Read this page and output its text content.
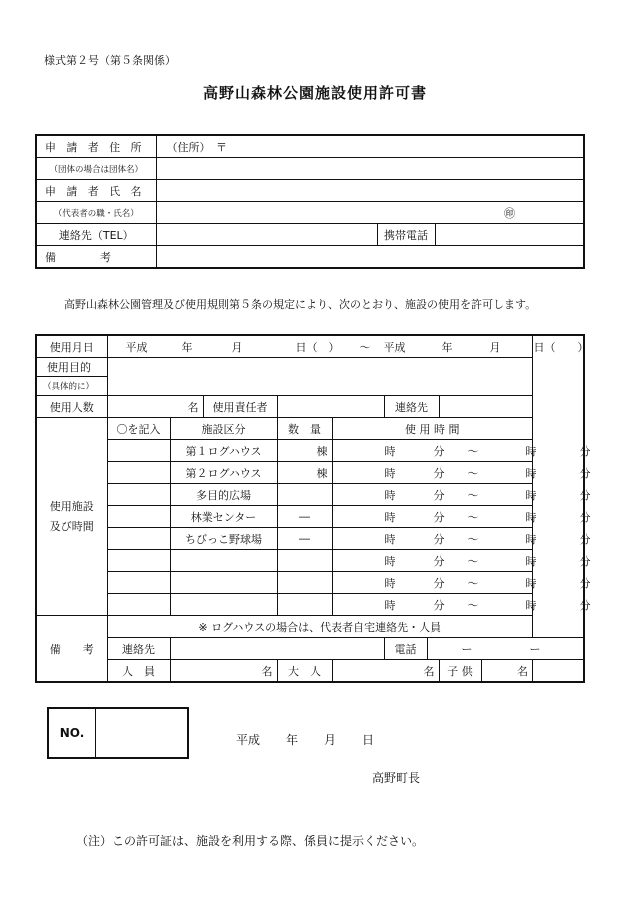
様式第２号（第５条関係）
高野山森林公園施設使用許可書
申 請 者 住 所	（住所）　〒		
（団体の場合は団体名）			
申 請 者 氏 名			
（代表者の職・氏名）	㊞		
連絡先（TEL）		携帯電話	
備　　　　考			
高野山森林公園管理及び使用規則第５条の規定により、次のとおり、施設の使用を許可します。
使用月日	平成 年 月 日（　） ～ 平成 年 月 日（　　）								
使用目的									
（具体的に）									
使用人数	名		使用責任者			連絡先			

使用施設
及び時間	〇を記入	施設区分		数　量	使 用 時 間				
		第１ログハウス		棟	時 分 ～ 時 分				
		第２ログハウス		棟	時 分 ～ 時 分				
		多目的広場			時 分 ～ 時 分				
		林業センター		―	時 分 ～ 時 分				
		ちびっこ野球場		―	時 分 ～ 時 分				
					時 分 ～ 時 分				
					時 分 ～ 時 分				
					時 分 ～ 時 分				
備　　考	※ ログハウスの場合は、代表者自宅連絡先・人員								
	連絡先					電話	ー ー		
	人　員	名		大　人	名			子 供	名
NO.	平成 年 月 日
高野町長
（注）この許可証は、施設を利用する際、係員に提示ください。
